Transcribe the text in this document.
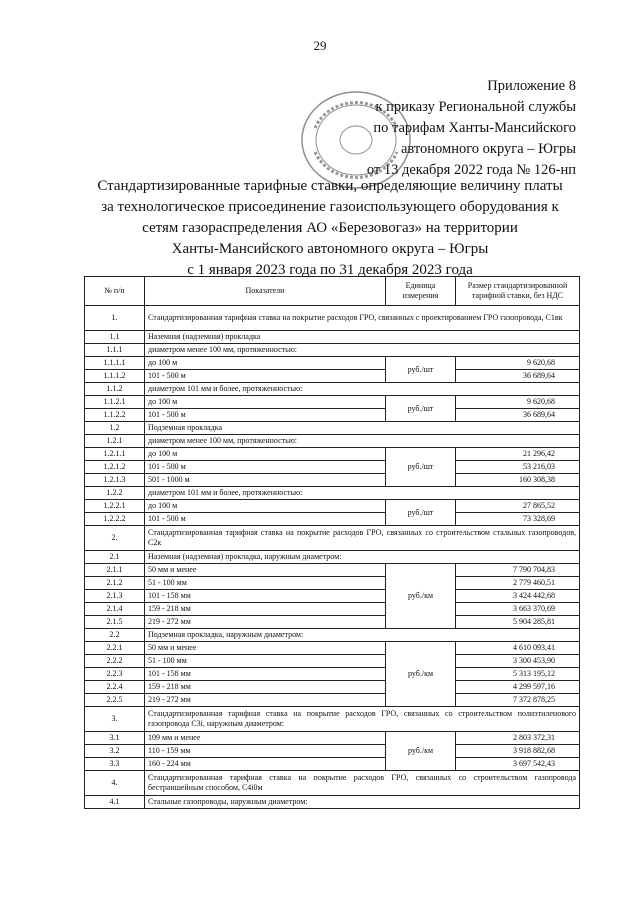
29
Приложение 8
к приказу Региональной службы
по тарифам Ханты-Мансийского
автономного округа – Югры
от 13 декабря 2022 года № 126-нп
Стандартизированные тарифные ставки, определяющие величину платы
за технологическое присоединение газоиспользующего оборудования к
сетям газораспределения АО «Березовогаз» на территории
Ханты-Мансийского автономного округа – Югры
с 1 января 2023 года по 31 декабря 2023 года
№ п/п	Показатели	Единица измерения	Размер стандартизированной тарифной ставки, без НДС
1.	Стандартизированная тарифная ставка на покрытие расходов ГРО, связанных с проектированием ГРО газопровода, C1вк		
1.1	Наземная (надземная) прокладка		
1.1.1	диаметром менее 100 мм, протяженностью:		
1.1.1.1	до 100 м	руб./шт	9 620,68
1.1.1.2	101 - 500 м		36 689,64
1.1.2	диаметром 101 мм и более, протяженностью:		
1.1.2.1	до 100 м	руб./шт	9 620,68
1.1.2.2	101 - 500 м		36 689,64
1.2	Подземная прокладка		
1.2.1	диаметром менее 100 мм, протяженностью:		
1.2.1.1	до 100 м	руб./шт	21 296,42
1.2.1.2	101 - 500 м		53 216,03
1.2.1.3	501 - 1000 м		160 308,38
1.2.2	диаметром 101 мм и более, протяженностью:		
1.2.2.1	до 100 м	руб./шт	27 865,52
1.2.2.2	101 - 500 м		73 328,69
2.	Стандартизированная тарифная ставка на покрытие расходов ГРО, связанных со строительством стальных газопроводов, C2к		
2.1	Наземная (надземная) прокладка, наружным диаметром:		
2.1.1	50 мм и менее	руб./км	7 790 704,83
2.1.2	51 - 100 мм		2 779 460,51
2.1.3	101 - 158 мм		3 424 442,68
2.1.4	159 - 218 мм		3 663 370,69
2.1.5	219 - 272 мм		5 904 285,81
2.2	Подземная прокладка, наружным диаметром:		
2.2.1	50 мм и менее	руб./км	4 610 093,41
2.2.2	51 - 100 мм		3 300 453,90
2.2.3	101 - 158 мм		5 313 195,12
2.2.4	159 - 218 мм		4 299 597,16
2.2.5	219 - 272 мм		7 372 878,25
3.	Стандартизированная тарифная ставка на покрытие расходов ГРО, связанных со строительством полиэтиленового газопровода C3i, наружным диаметром:		
3.1	109 мм и менее	руб./км	2 803 372,31
3.2	110 - 159 мм		3 918 882,68
3.3	160 - 224 мм		3 697 542,43
4.	Стандартизированная тарифная ставка на покрытие расходов ГРО, связанных со строительством газопровода бестраншейным способом, C4i0м		
4.1	Стальные газопроводы, наружным диаметром:		
